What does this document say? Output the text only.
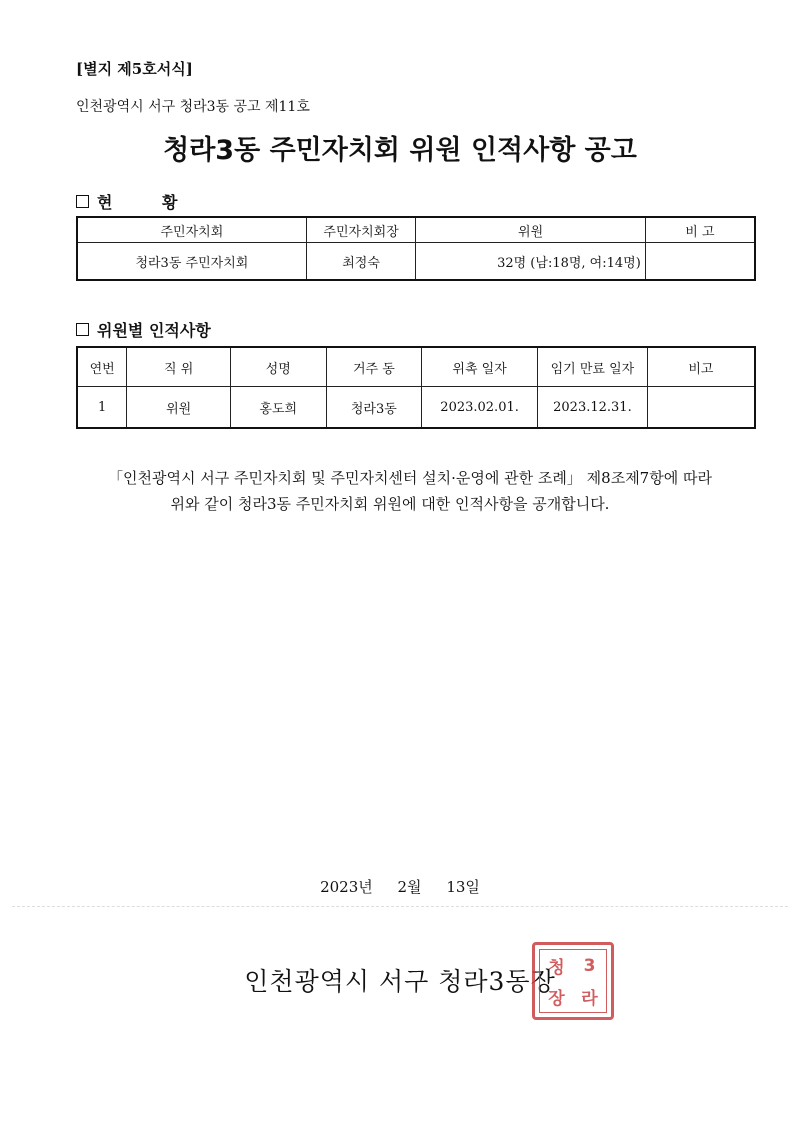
[별지 제5호서식]
인천광역시 서구 청라3동 공고 제11호
청라3동 주민자치회 위원 인적사항 공고
현 황
주민자치회	주민자치회장	위원	비 고
청라3동 주민자치회	최정숙	32명 (남:18명, 여:14명)	
위원별 인적사항
연번	직 위	성명	거주 동	위촉 일자	임기 만료 일자	비고
1	위원	홍도희	청라3동	2023.02.01.	2023.12.31.	
「인천광역시 서구 주민자치회 및 주민자치센터 설치·운영에 관한 조례」 제8조제7항에 따라

위와 같이 청라3동 주민자치회 위원에 대한 인적사항을 공개합니다.
2023년 2월 13일
인천광역시 서구 청라3동장
청	3
장 라
